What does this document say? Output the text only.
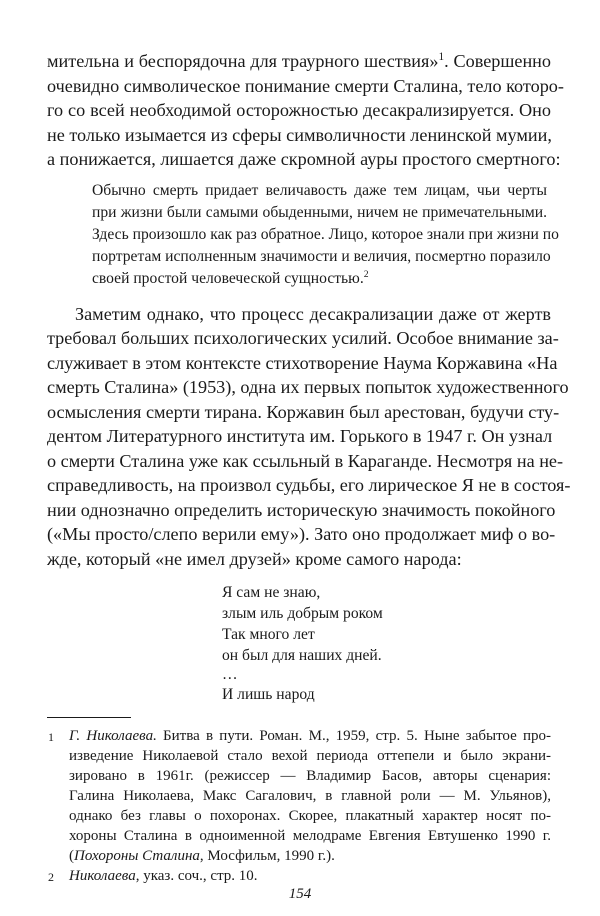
мительна и беспорядочна для траурного шествия»$^1$. Совершенно
очевидно символическое понимание смерти Сталина, тело которо-
го со всей необходимой осторожностью десакрализируется. Оно
не только изымается из сферы символичности ленинской мумии,
а понижается, лишается даже скромной ауры простого смертного:
Обычно смерть придает величавость даже тем лицам, чьи черты
при жизни были самыми обыденными, ничем не примечательными.
Здесь произошло как раз обратное. Лицо, которое знали при жизни по
портретам исполненным значимости и величия, посмертно поразило
своей простой человеческой сущностью.$^2$
Заметим однако, что процесс десакрализации даже от жертв
требовал больших психологических усилий. Особое внимание за-
служивает в этом контексте стихотворение Наума Коржавина «На
смерть Сталина» (1953), одна их первых попыток художественного
осмысления смерти тирана. Коржавин был арестован, будучи сту-
дентом Литературного института им. Горького в 1947 г. Он узнал
о смерти Сталина уже как ссыльный в Караганде. Несмотря на не-
справедливость, на произвол судьбы, его лирическое Я не в состоя-
нии однозначно определить историческую значимость покойного
(«Мы просто/слепо верили ему»). Зато оно продолжает миф о во-
жде, который «не имел друзей» кроме самого народа:
Я сам не знаю,
злым иль добрым роком
Так много лет
он был для наших дней.
…
И лишь народ
1 Г. Николаева. Битва в пути. Роман. М., 1959, стр. 5. Ныне забытое про-
изведение Николаевой стало вехой периода оттепели и было экрани-
зировано в 1961г. (режиссер — Владимир Басов, авторы сценария:
Галина Николаева, Макс Сагалович, в главной роли — М. Ульянов),
однако без главы о похоронах. Скорее, плакатный характер носят по-
хороны Сталина в одноименной мелодраме Евгения Евтушенко 1990 г.
(Похороны Сталина, Мосфильм, 1990 г.).
2 Николаева, указ. соч., стр. 10.
154
